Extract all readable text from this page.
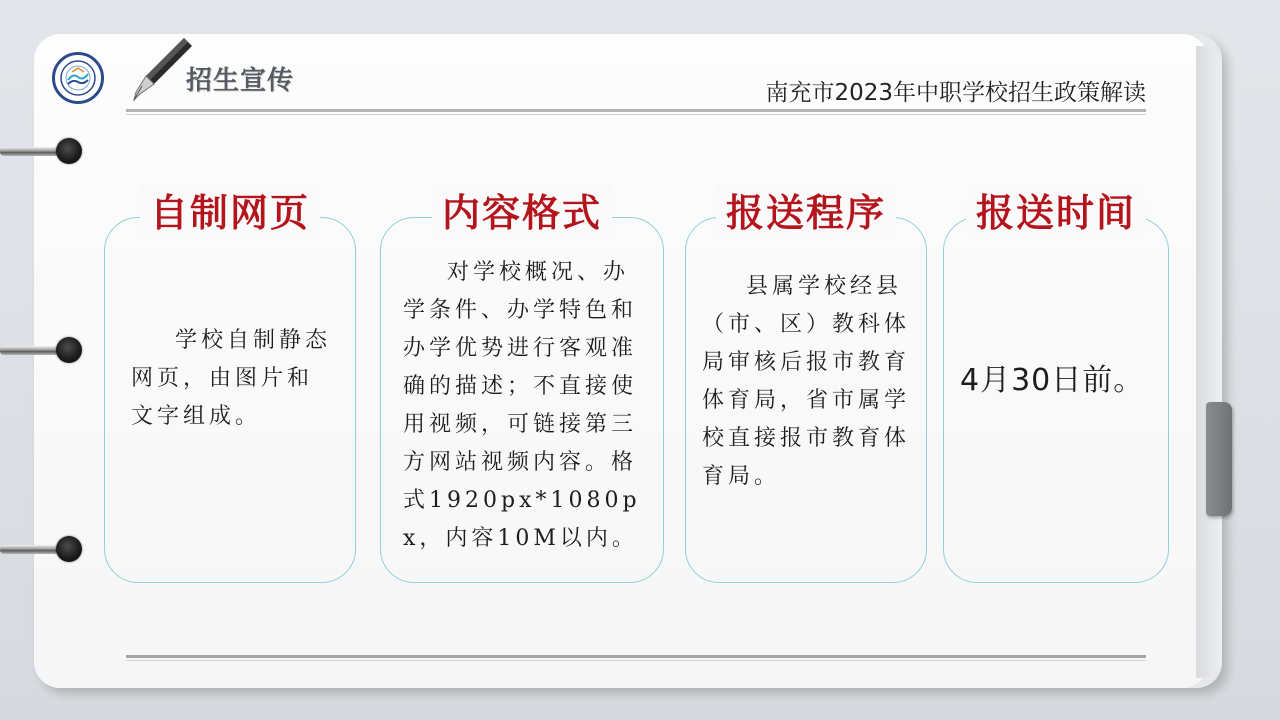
招生宣传	南充市2023年中职学校招生政策解读
自制网页
学校自制静态网页，由图片和文字组成。
内容格式
对学校概况、办学条件、办学特色和办学优势进行客观准确的描述；不直接使用视频，可链接第三方网站视频内容。格式1920px*1080px，内容10M以内。
报送程序
县属学校经县（市、区）教科体局审核后报市教育体育局，省市属学校直接报市教育体育局。
报送时间
4月30日前。
